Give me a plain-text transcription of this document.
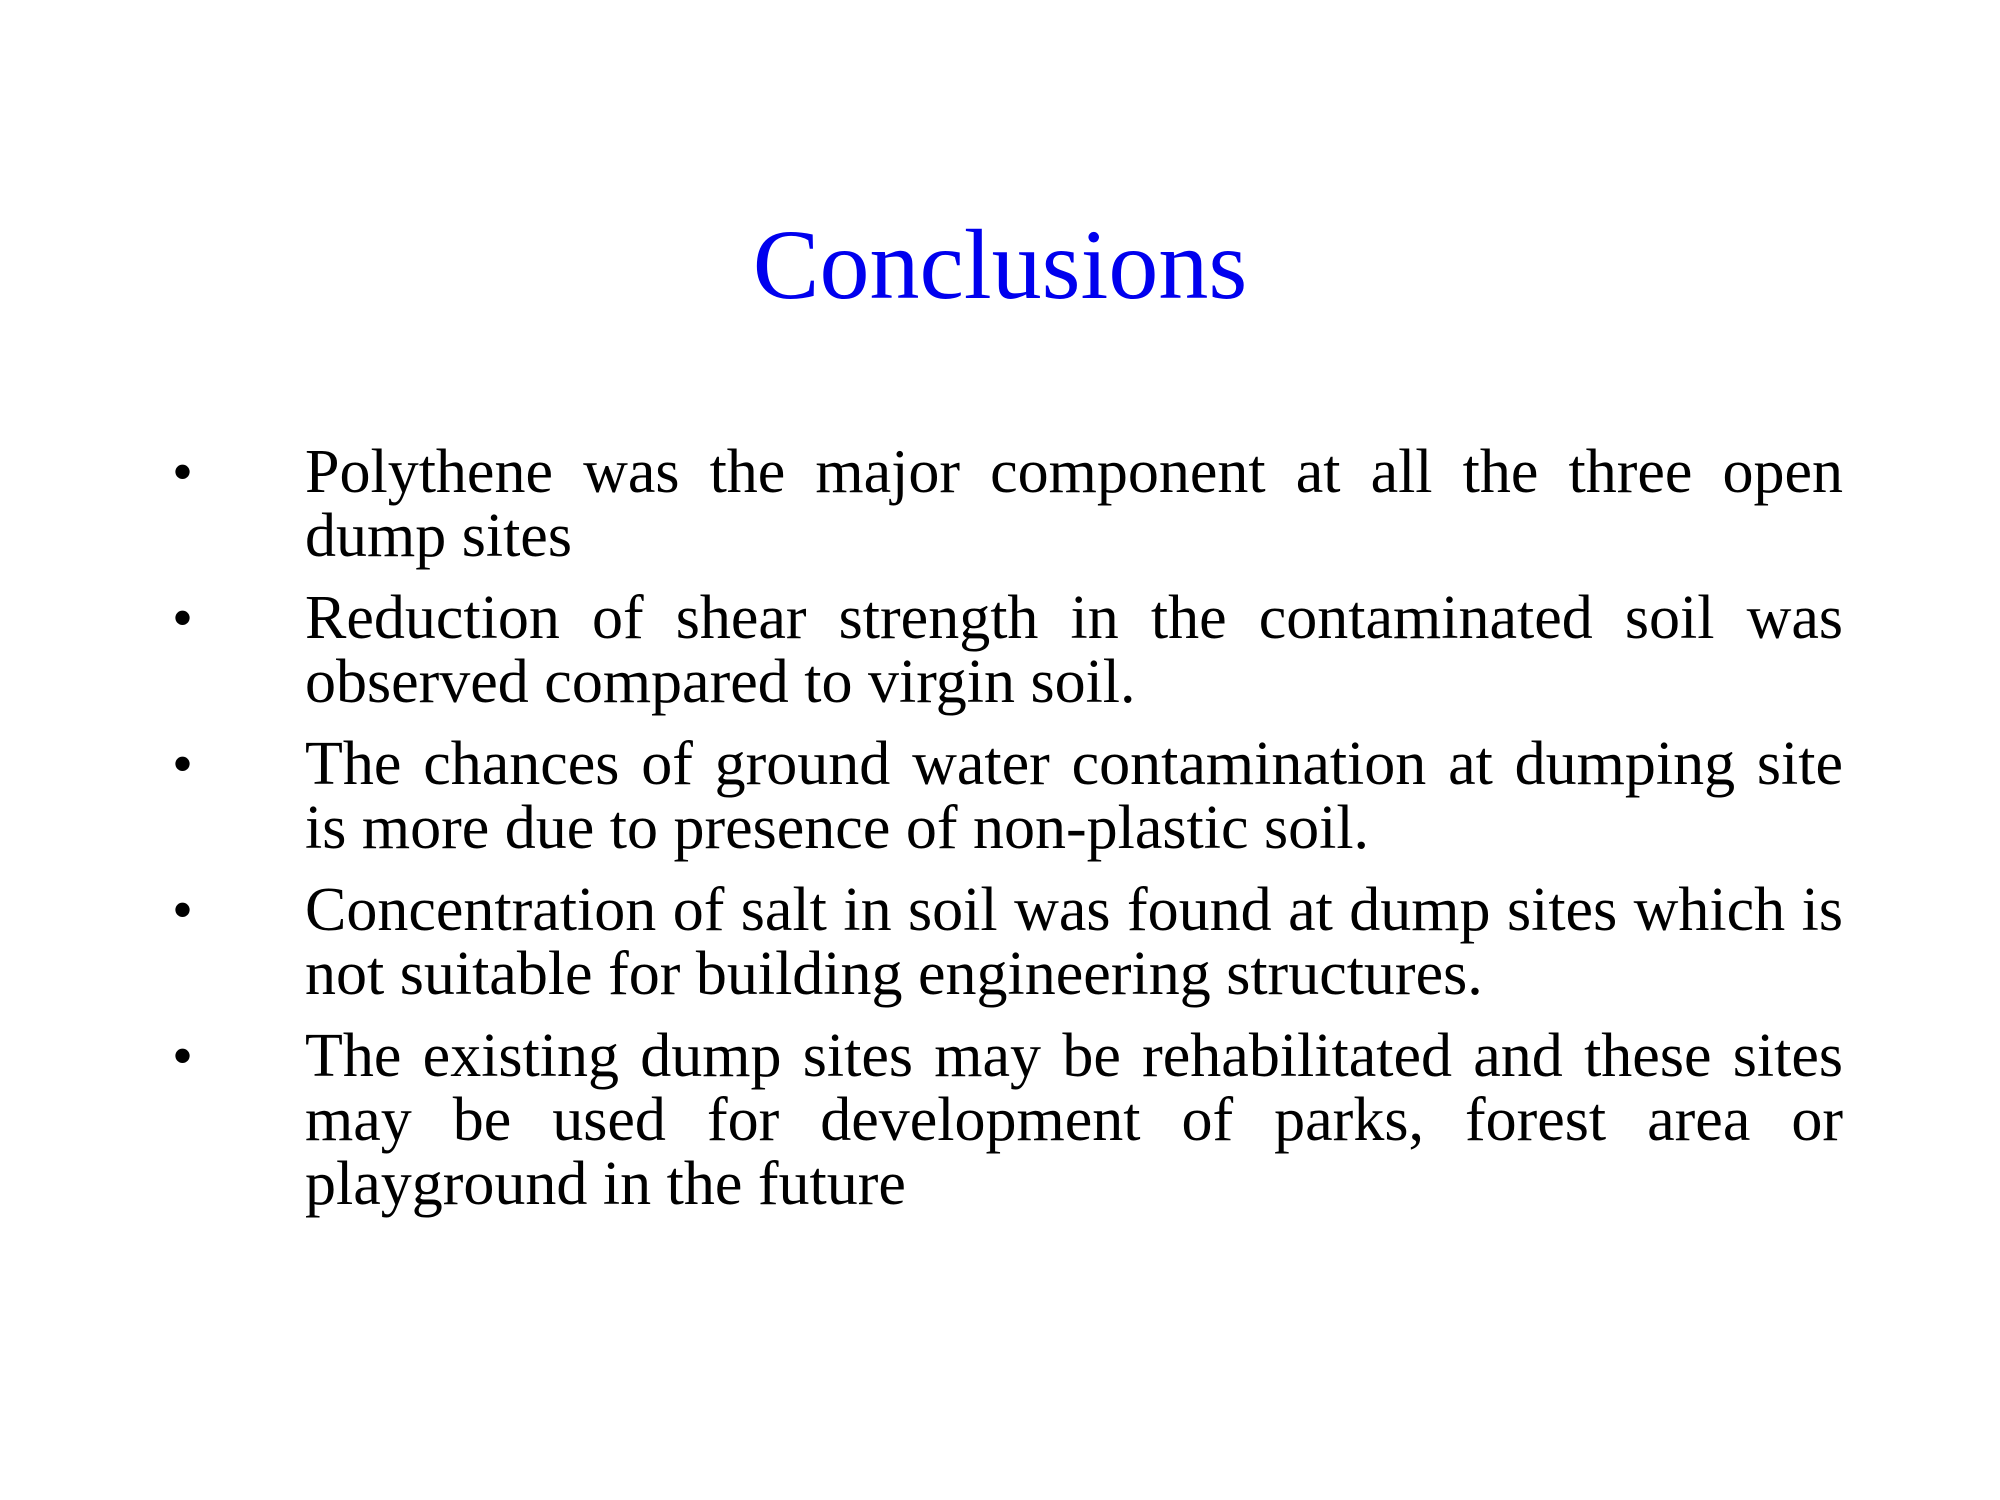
Conclusions
• Polythene was the major component at all the three open dump sites
• Reduction of shear strength in the contaminated soil was observed compared to virgin soil.
• The chances of ground water contamination at dumping site is more due to presence of non-plastic soil.
• Concentration of salt in soil was found at dump sites which is not suitable for building engineering structures.
• The existing dump sites may be rehabilitated and these sites may be used for development of parks, forest area or playground in the future
